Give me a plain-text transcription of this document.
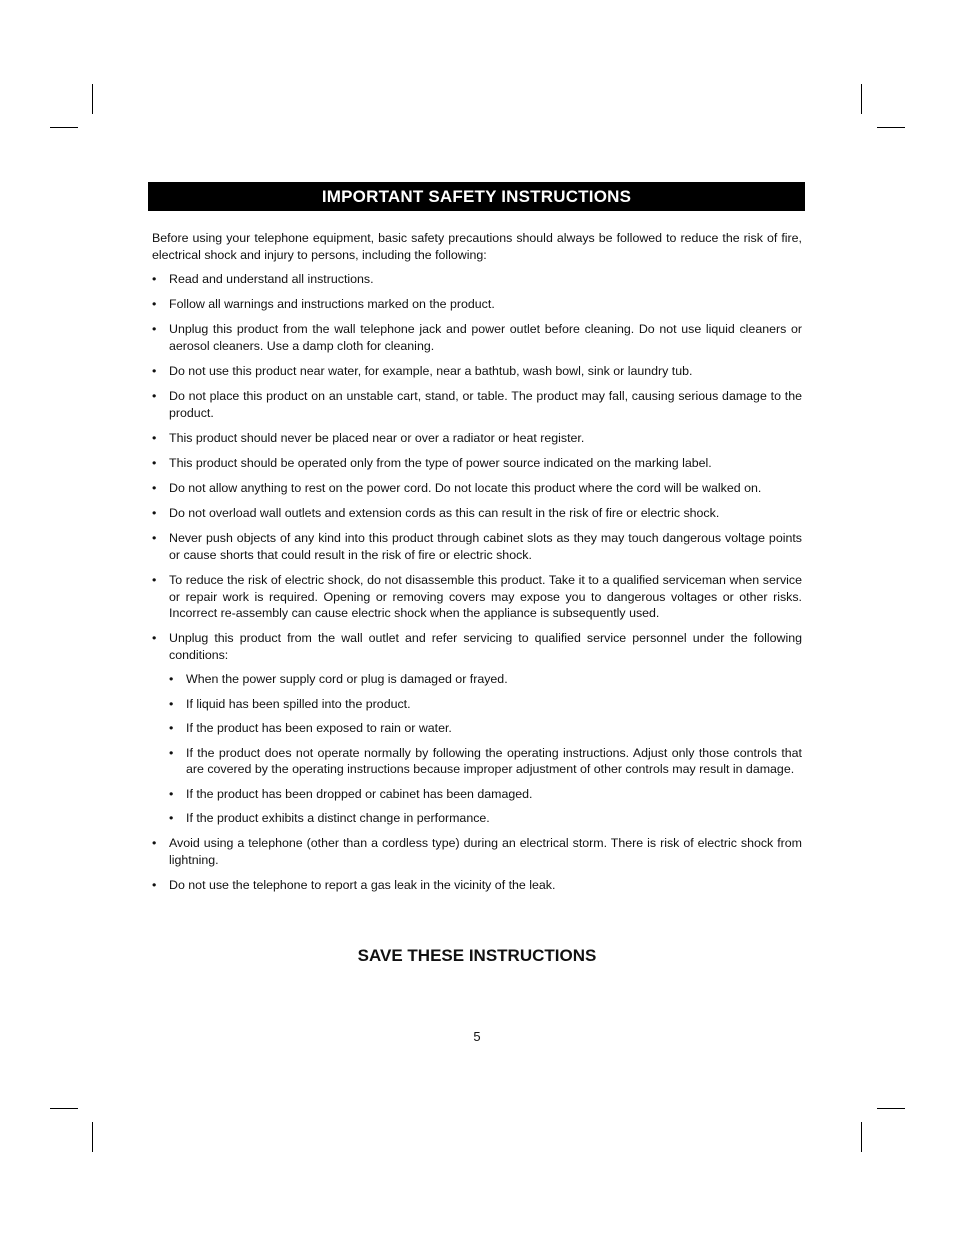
IMPORTANT SAFETY INSTRUCTIONS

Before using your telephone equipment, basic safety precautions should always be followed to reduce the risk of fire, electrical shock and injury to persons, including the following:

• Read and understand all instructions.
• Follow all warnings and instructions marked on the product.
• Unplug this product from the wall telephone jack and power outlet before cleaning. Do not use liquid cleaners or aerosol cleaners. Use a damp cloth for cleaning.
• Do not use this product near water, for example, near a bathtub, wash bowl, sink or laundry tub.
• Do not place this product on an unstable cart, stand, or table. The product may fall, causing serious damage to the product.
• This product should never be placed near or over a radiator or heat register.
• This product should be operated only from the type of power source indicated on the marking label.
• Do not allow anything to rest on the power cord. Do not locate this product where the cord will be walked on.
• Do not overload wall outlets and extension cords as this can result in the risk of fire or electric shock.
• Never push objects of any kind into this product through cabinet slots as they may touch dangerous voltage points or cause shorts that could result in the risk of fire or electric shock.
• To reduce the risk of electric shock, do not disassemble this product. Take it to a qualified serviceman when service or repair work is required. Opening or removing covers may expose you to dangerous voltages or other risks. Incorrect re-assembly can cause electric shock when the appliance is subsequently used.
• Unplug this product from the wall outlet and refer servicing to qualified service personnel under the following conditions:
• When the power supply cord or plug is damaged or frayed.
• If liquid has been spilled into the product.
• If the product has been exposed to rain or water.
• If the product does not operate normally by following the operating instructions. Adjust only those controls that are covered by the operating instructions because improper adjustment of other controls may result in damage.
• If the product has been dropped or cabinet has been damaged.
• If the product exhibits a distinct change in performance.
• Avoid using a telephone (other than a cordless type) during an electrical storm. There is risk of electric shock from lightning.
• Do not use the telephone to report a gas leak in the vicinity of the leak.
SAVE THESE INSTRUCTIONS
5
